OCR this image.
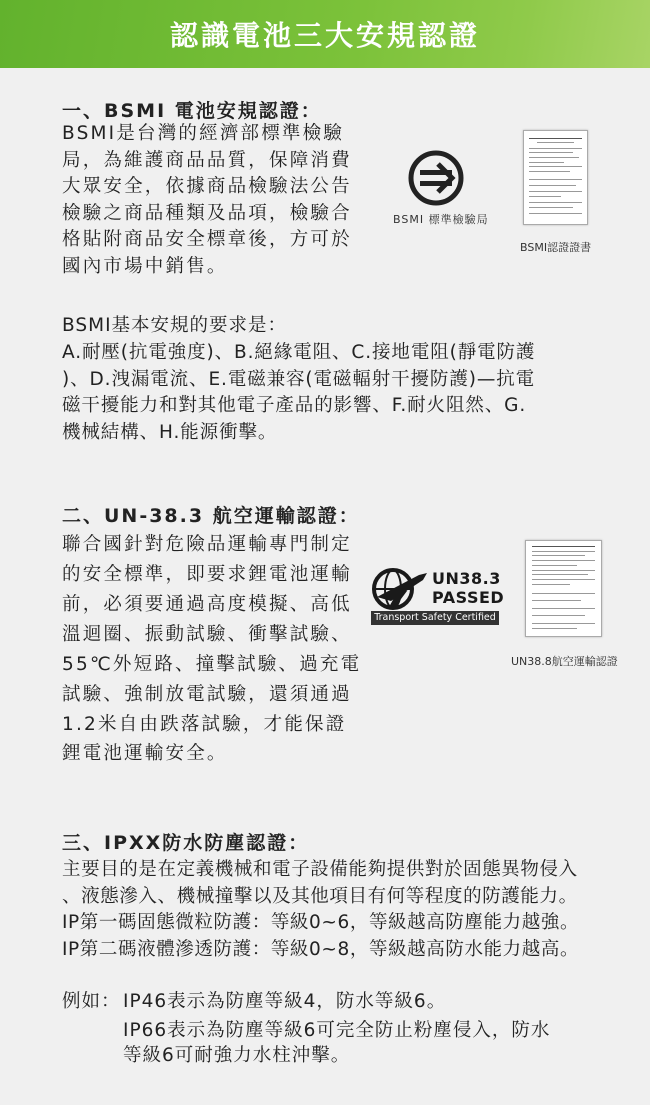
認識電池三大安規認證
一、BSMI 電池安規認證：
BSMI是台灣的經濟部標準檢驗
局，為維護商品品質，保障消費
大眾安全，依據商品檢驗法公告
檢驗之商品種類及品項，檢驗合
格貼附商品安全標章後，方可於
國內市場中銷售。
BSMI 標準檢驗局
BSMI認證證書
BSMI基本安規的要求是：
A.耐壓(抗電強度)、B.絕緣電阻、C.接地電阻(靜電防護
)、D.洩漏電流、E.電磁兼容(電磁輻射干擾防護)—抗電
磁干擾能力和對其他電子產品的影響、F.耐火阻然、G.
機械結構、H.能源衝擊。
二、UN-38.3 航空運輸認證：
聯合國針對危險品運輸專門制定
的安全標準，即要求鋰電池運輸
前，必須要通過高度模擬、高低
溫迴圈、振動試驗、衝擊試驗、
55℃外短路、撞擊試驗、過充電
試驗、強制放電試驗，還須通過
1.2米自由跌落試驗，才能保證
鋰電池運輸安全。
UN38.3
PASSED
Transport Safety Certified
UN38.8航空運輸認證
三、IPXX防水防塵認證：
主要目的是在定義機械和電子設備能夠提供對於固態異物侵入
、液態滲入、機械撞擊以及其他項目有何等程度的防護能力。
IP第一碼固態微粒防護：等級0~6，等級越高防塵能力越強。
IP第二碼液體滲透防護：等級0~8，等級越高防水能力越高。
例如： IP46表示為防塵等級4，防水等級6。
IP66表示為防塵等級6可完全防止粉塵侵入，防水
等級6可耐強力水柱沖擊。
